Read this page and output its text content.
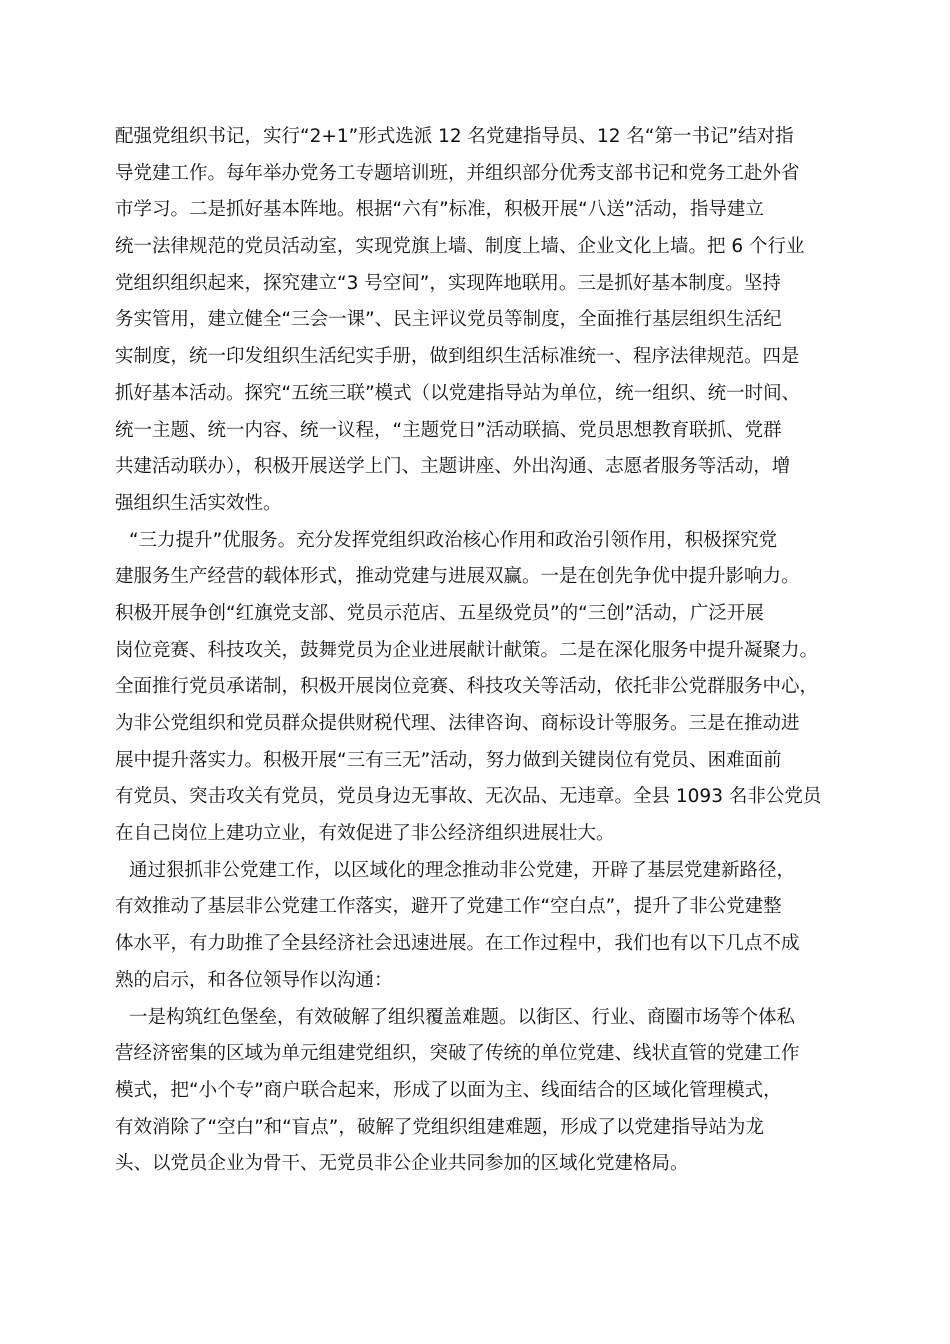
配强党组织书记，实行“2+1”形式选派 12 名党建指导员、12 名“第一书记”结对指
导党建工作。每年举办党务工专题培训班，并组织部分优秀支部书记和党务工赴外省
市学习。二是抓好基本阵地。根据“六有”标准，积极开展“八送”活动，指导建立
统一法律规范的党员活动室，实现党旗上墙、制度上墙、企业文化上墙。把 6 个行业
党组织组织起来，探究建立“3 号空间”，实现阵地联用。三是抓好基本制度。坚持
务实管用，建立健全“三会一课”、民主评议党员等制度，全面推行基层组织生活纪
实制度，统一印发组织生活纪实手册，做到组织生活标准统一、程序法律规范。四是
抓好基本活动。探究“五统三联”模式（以党建指导站为单位，统一组织、统一时间、
统一主题、统一内容、统一议程，“主题党日”活动联搞、党员思想教育联抓、党群
共建活动联办），积极开展送学上门、主题讲座、外出沟通、志愿者服务等活动，增
强组织生活实效性。
“三力提升”优服务。充分发挥党组织政治核心作用和政治引领作用，积极探究党
建服务生产经营的载体形式，推动党建与进展双赢。一是在创先争优中提升影响力。
积极开展争创“红旗党支部、党员示范店、五星级党员”的“三创”活动，广泛开展
岗位竞赛、科技攻关，鼓舞党员为企业进展献计献策。二是在深化服务中提升凝聚力。
全面推行党员承诺制，积极开展岗位竞赛、科技攻关等活动，依托非公党群服务中心，
为非公党组织和党员群众提供财税代理、法律咨询、商标设计等服务。三是在推动进
展中提升落实力。积极开展“三有三无”活动，努力做到关键岗位有党员、困难面前
有党员、突击攻关有党员，党员身边无事故、无次品、无违章。全县 1093 名非公党员
在自己岗位上建功立业，有效促进了非公经济组织进展壮大。
通过狠抓非公党建工作，以区域化的理念推动非公党建，开辟了基层党建新路径，
有效推动了基层非公党建工作落实，避开了党建工作“空白点”，提升了非公党建整
体水平，有力助推了全县经济社会迅速进展。在工作过程中，我们也有以下几点不成
熟的启示，和各位领导作以沟通：
一是构筑红色堡垒，有效破解了组织覆盖难题。以街区、行业、商圈市场等个体私
营经济密集的区域为单元组建党组织，突破了传统的单位党建、线状直管的党建工作
模式，把“小个专”商户联合起来，形成了以面为主、线面结合的区域化管理模式，
有效消除了“空白”和“盲点”，破解了党组织组建难题，形成了以党建指导站为龙
头、以党员企业为骨干、无党员非公企业共同参加的区域化党建格局。
